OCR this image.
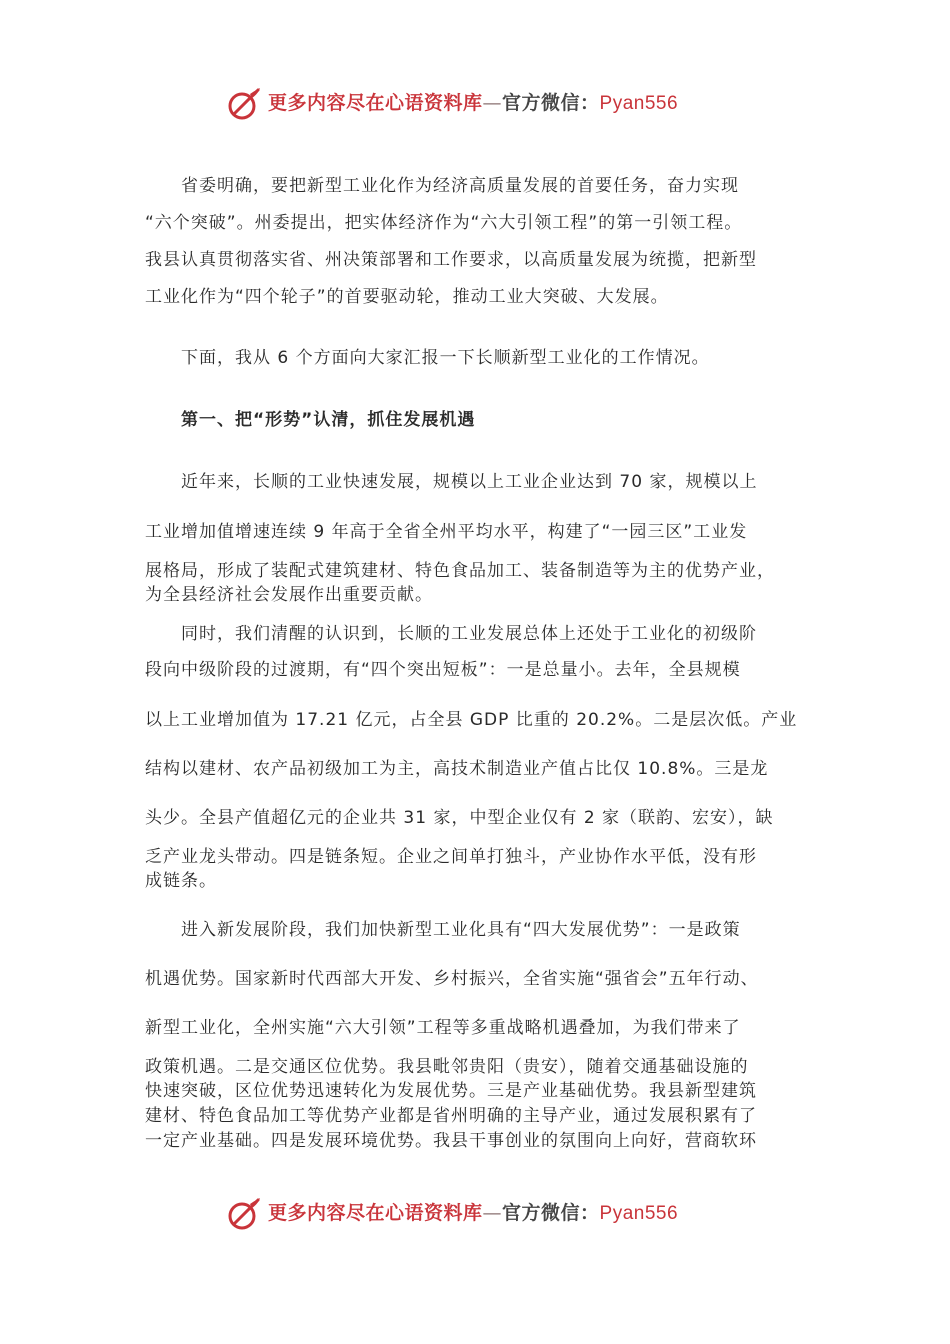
更多内容尽在心语资料库—官方微信：Pyan556
　　省委明确，要把新型工业化作为经济高质量发展的首要任务，奋力实现
“六个突破”。州委提出，把实体经济作为“六大引领工程”的第一引领工程。
我县认真贯彻落实省、州决策部署和工作要求，以高质量发展为统揽，把新型
工业化作为“四个轮子”的首要驱动轮，推动工业大突破、大发展。
　　下面，我从 6 个方面向大家汇报一下长顺新型工业化的工作情况。
　　第一、把“形势”认清，抓住发展机遇
　　近年来，长顺的工业快速发展，规模以上工业企业达到 70 家，规模以上
工业增加值增速连续 9 年高于全省全州平均水平，构建了“一园三区”工业发
展格局，形成了装配式建筑建材、特色食品加工、装备制造等为主的优势产业，
为全县经济社会发展作出重要贡献。
　　同时，我们清醒的认识到，长顺的工业发展总体上还处于工业化的初级阶
段向中级阶段的过渡期，有“四个突出短板”：一是总量小。去年，全县规模
以上工业增加值为 17.21 亿元，占全县 GDP 比重的 20.2%。二是层次低。产业
结构以建材、农产品初级加工为主，高技术制造业产值占比仅 10.8%。三是龙
头少。全县产值超亿元的企业共 31 家，中型企业仅有 2 家（联韵、宏安），缺
乏产业龙头带动。四是链条短。企业之间单打独斗，产业协作水平低，没有形
成链条。
　　进入新发展阶段，我们加快新型工业化具有“四大发展优势”：一是政策
机遇优势。国家新时代西部大开发、乡村振兴，全省实施“强省会”五年行动、
新型工业化，全州实施“六大引领”工程等多重战略机遇叠加，为我们带来了
政策机遇。二是交通区位优势。我县毗邻贵阳（贵安），随着交通基础设施的
快速突破，区位优势迅速转化为发展优势。三是产业基础优势。我县新型建筑
建材、特色食品加工等优势产业都是省州明确的主导产业，通过发展积累有了
一定产业基础。四是发展环境优势。我县干事创业的氛围向上向好，营商软环
更多内容尽在心语资料库—官方微信：Pyan556
